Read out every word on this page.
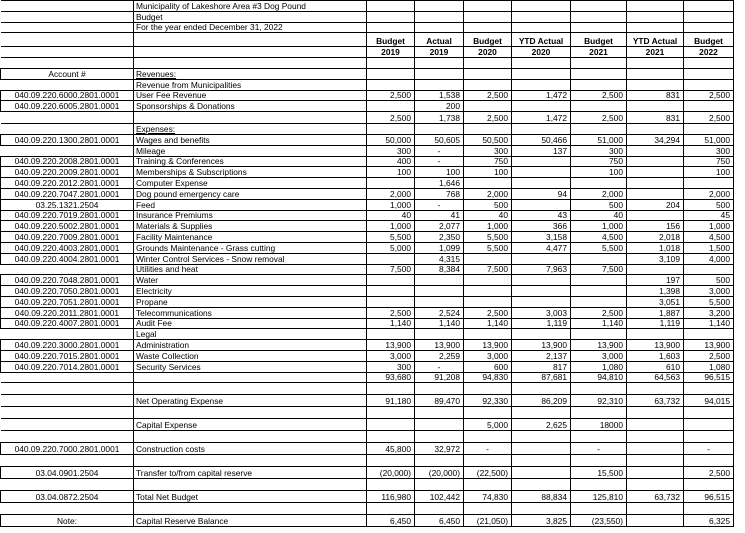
	Municipality of Lakeshore Area #3 Dog Pound							
	Budget							
	For the year ended December 31, 2022							
		Budget	Actual	Budget	YTD Actual	Budget	YTD Actual	Budget
		2019	2019	2020	2020	2021	2021	2022

Account #	Revenues:							
	Revenue from Municipalities							
040.09.220.6000.2801.0001	User Fee Revenue	2,500	1,538	2,500	1,472	2,500	831	2,500
040.09.220.6005.2801.0001	Sponsorships & Donations		200					
		2,500	1,738	2,500	1,472	2,500	831	2,500
	Expenses:							
040.09.220.1300.2801.0001	Wages and benefits	50,000	50,605	50,500	50,466	51,000	34,294	51,000
	Mileage	300	-	300	137	300		300
040.09.220.2008.2801.0001	Training & Conferences	400	-	750		750		750
040.09.220.2009.2801.0001	Memberships & Subscriptions	100	100	100		100		100
040.09.220.2012.2801.0001	Computer Expense		1,646					
040.09.220.7047.2801.0001	Dog pound emergency care	2,000	768	2,000	94	2,000		2,000
03.25.1321.2504	Feed	1,000	-	500		500	204	500
040.09.220.7019.2801.0001	Insurance Premiums	40	41	40	43	40		45
040.09.220.5002.2801.0001	Materials & Supplies	1,000	2,077	1,000	366	1,000	156	1,000
040.09.220.7009.2801.0001	Facility Maintenance	5,500	2,350	5,500	3,158	4,500	2,018	4,500
040.09.220.4003.2801.0001	Grounds Maintenance - Grass cutting	5,000	1,099	5,500	4,477	5,500	1,018	1,500
040.09.220.4004.2801.0001	Winter Control Services - Snow removal		4,315				3,109	4,000
	Utilities and heat	7,500	8,384	7,500	7,963	7,500		
040.09.220.7048.2801.0001	Water						197	500
040.09.220.7050.2801.0001	Electricity						1,398	3,000
040.09.220.7051.2801.0001	Propane						3,051	5,500
040.09.220.2011.2801.0001	Telecommunications	2,500	2,524	2,500	3,003	2,500	1,887	3,200
040.09.220.4007.2801.0001	Audit Fee	1,140	1,140	1,140	1,119	1,140	1,119	1,140
	Legal							
040.09.220.3000.2801.0001	Administration	13,900	13,900	13,900	13,900	13,900	13,900	13,900
040.09.220.7015.2801.0001	Waste Collection	3,000	2,259	3,000	2,137	3,000	1,603	2,500
040.09.220.7014.2801.0001	Security Services	300	-	600	817	1,080	610	1,080
		93,680	91,208	94,830	87,681	94,810	64,563	96,515

	Net Operating Expense	91,180	89,470	92,330	86,209	92,310	63,732	94,015

	Capital Expense			5,000	2,625	18000		

040.09.220.7000.2801.0001	Construction costs	45,800	32,972	-		-		-

03.04.0901.2504	Transfer to/from capital reserve	(20,000)	(20,000)	(22,500)		15,500		2,500

03.04.0872.2504	Total Net Budget	116,980	102,442	74,830	88,834	125,810	63,732	96,515

Note:	Capital Reserve Balance	6,450	6,450	(21,050)	3,825	(23,550)		6,325
